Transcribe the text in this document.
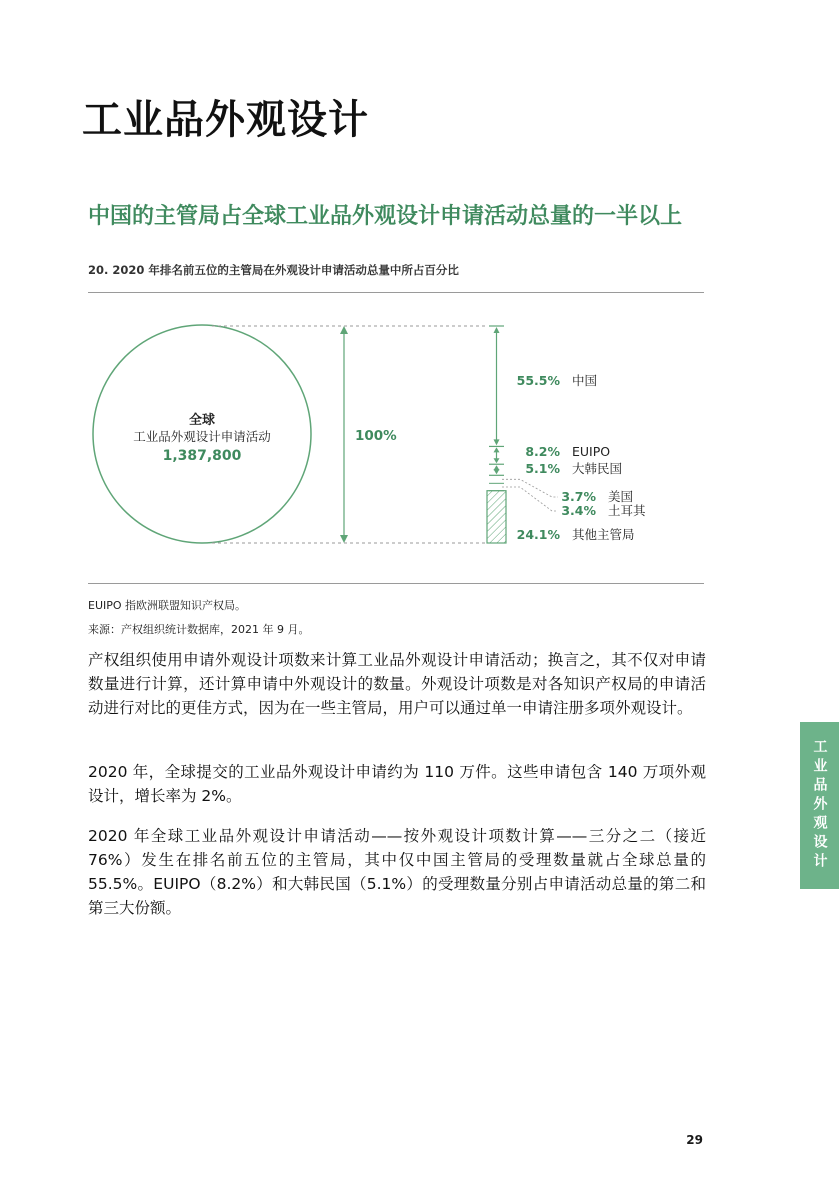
工业品外观设计
中国的主管局占全球工业品外观设计申请活动总量的一半以上

20. 2020 年排名前五位的主管局在外观设计申请活动总量中所占百分比

全球
工业品外观设计申请活动
1,387,800
100%
55.5% 中国
8.2% EUIPO
5.1% 大韩民国
3.7% 美国
3.4% 土耳其
24.1% 其他主管局

EUIPO 指欧洲联盟知识产权局。

来源：产权组织统计数据库，2021 年 9 月。

产权组织使用申请外观设计项数来计算工业品外观设计申请活动；换言之，其不仅对申请数量进行计算，还计算申请中外观设计的数量。外观设计项数是对各知识产权局的申请活动进行对比的更佳方式，因为在一些主管局，用户可以通过单一申请注册多项外观设计。

2020 年，全球提交的工业品外观设计申请约为 110 万件。这些申请包含 140 万项外观设计，增长率为 2%。

2020 年全球工业品外观设计申请活动——按外观设计项数计算——三分之二（接近 76%）发生在排名前五位的主管局，其中仅中国主管局的受理数量就占全球总量的 55.5%。EUIPO（8.2%）和大韩民国（5.1%）的受理数量分别占申请活动总量的第二和第三大份额。

工业品外观设计

29
